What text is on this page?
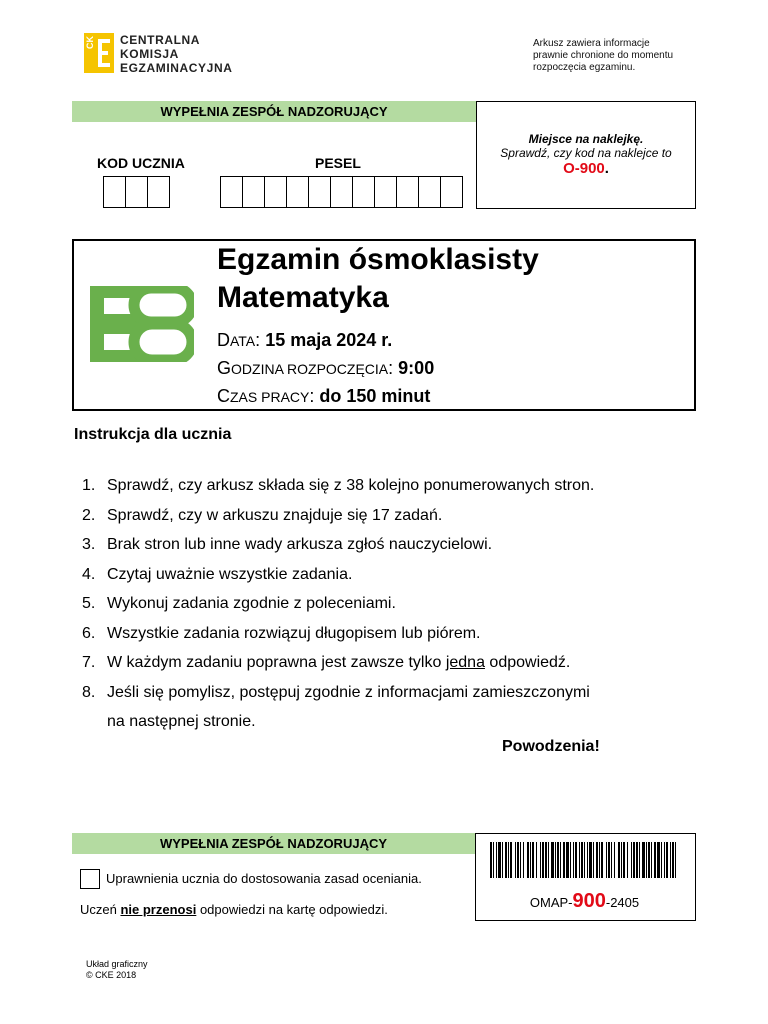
CK CENTRALNA
KOMISJA
EGZAMINACYJNA
Arkusz zawiera informacje
prawnie chronione do momentu
rozpoczęcia egzaminu.
WYPEŁNIA ZESPÓŁ NADZORUJĄCY
KOD UCZNIA	PESEL
Miejsce na naklejkę.
Sprawdź, czy kod na naklejce to
O-900.
Egzamin ósmoklasisty
Matematyka
DATA: 15 maja 2024 r.
GODZINA ROZPOCZĘCIA: 9:00
CZAS PRACY: do 150 minut
Instrukcja dla ucznia
1. Sprawdź, czy arkusz składa się z 38 kolejno ponumerowanych stron.
2. Sprawdź, czy w arkuszu znajduje się 17 zadań.
3. Brak stron lub inne wady arkusza zgłoś nauczycielowi.
4. Czytaj uważnie wszystkie zadania.
5. Wykonuj zadania zgodnie z poleceniami.
6. Wszystkie zadania rozwiązuj długopisem lub piórem.
7. W każdym zadaniu poprawna jest zawsze tylko jedna odpowiedź.
8. Jeśli się pomylisz, postępuj zgodnie z informacjami zamieszczonymi
na następnej stronie.
Powodzenia!
WYPEŁNIA ZESPÓŁ NADZORUJĄCY
Uprawnienia ucznia do dostosowania zasad oceniania.
Uczeń nie przenosi odpowiedzi na kartę odpowiedzi.	OMAP-900-2405
Układ graficzny
© CKE 2018
